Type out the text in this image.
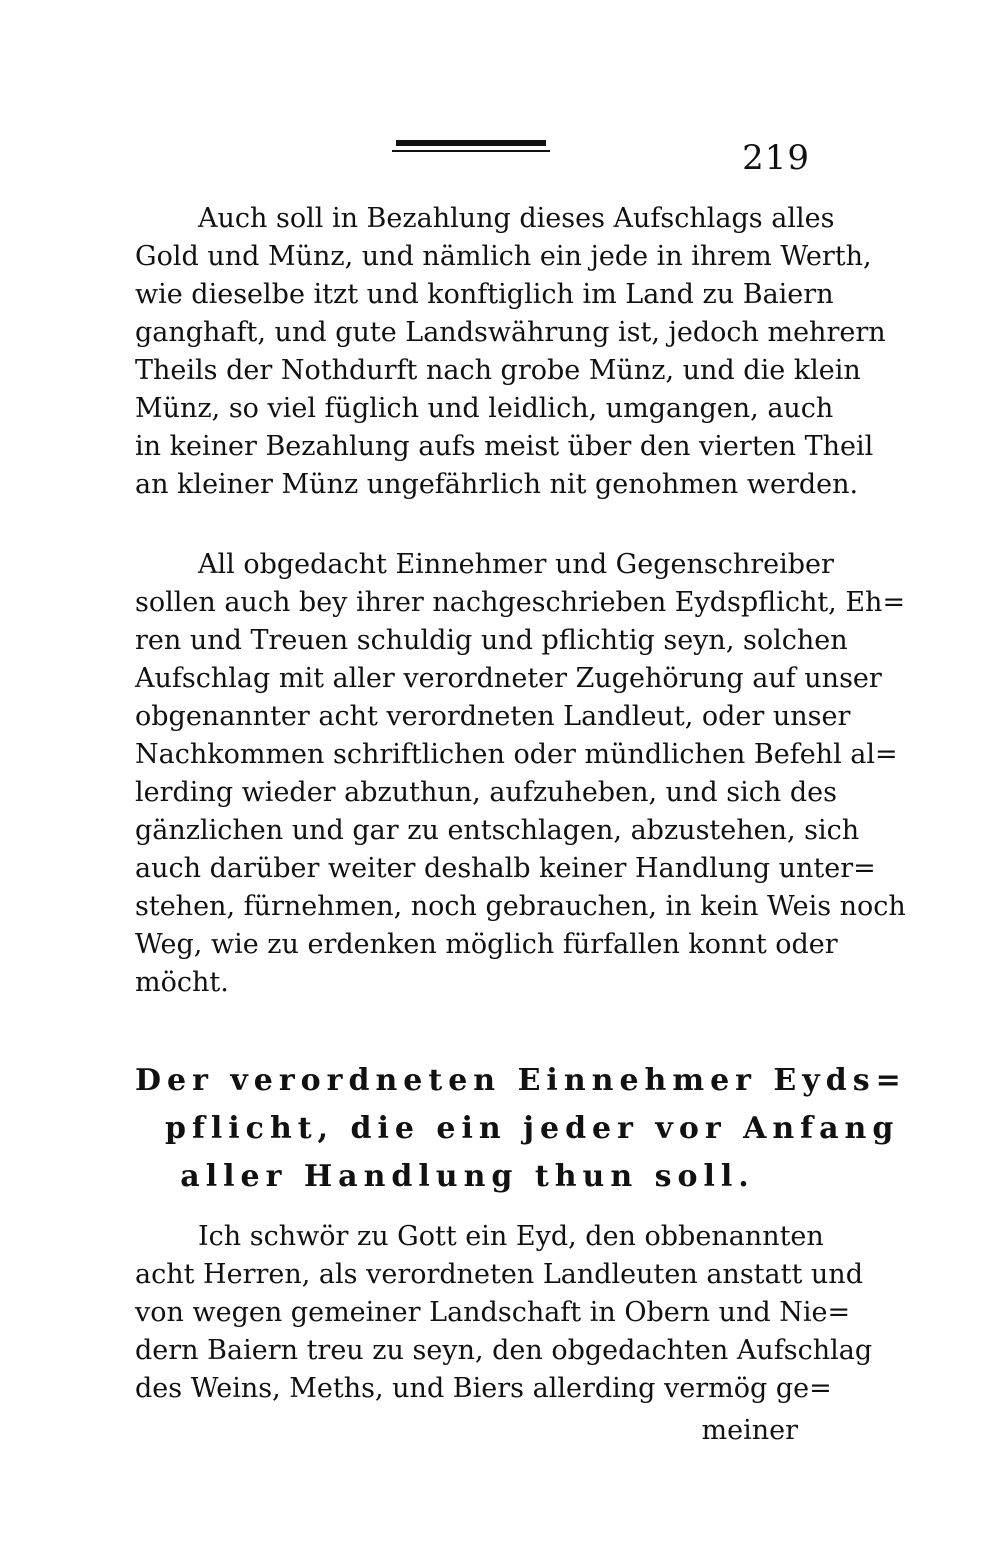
219
Auch soll in Bezahlung dieses Aufschlags alles
Gold und Münz, und nämlich ein jede in ihrem Werth,
wie dieselbe itzt und konftiglich im Land zu Baiern
ganghaft, und gute Landswährung ist, jedoch mehrern
Theils der Nothdurft nach grobe Münz, und die klein
Münz, so viel füglich und leidlich, umgangen, auch
in keiner Bezahlung aufs meist über den vierten Theil
an kleiner Münz ungefährlich nit genohmen werden.
All obgedacht Einnehmer und Gegenschreiber
sollen auch bey ihrer nachgeschrieben Eydspflicht, Eh=
ren und Treuen schuldig und pflichtig seyn, solchen
Aufschlag mit aller verordneter Zugehörung auf unser
obgenannter acht verordneten Landleut, oder unser
Nachkommen schriftlichen oder mündlichen Befehl al=
lerding wieder abzuthun, aufzuheben, und sich des
gänzlichen und gar zu entschlagen, abzustehen, sich
auch darüber weiter deshalb keiner Handlung unter=
stehen, fürnehmen, noch gebrauchen, in kein Weis noch
Weg, wie zu erdenken möglich fürfallen konnt oder
möcht.
Der verordneten Einnehmer Eyds=
pflicht, die ein jeder vor Anfang
aller Handlung thun soll.
Ich schwör zu Gott ein Eyd, den obbenannten
acht Herren, als verordneten Landleuten anstatt und
von wegen gemeiner Landschaft in Obern und Nie=
dern Baiern treu zu seyn, den obgedachten Aufschlag
des Weins, Meths, und Biers allerding vermög ge=
meiner
